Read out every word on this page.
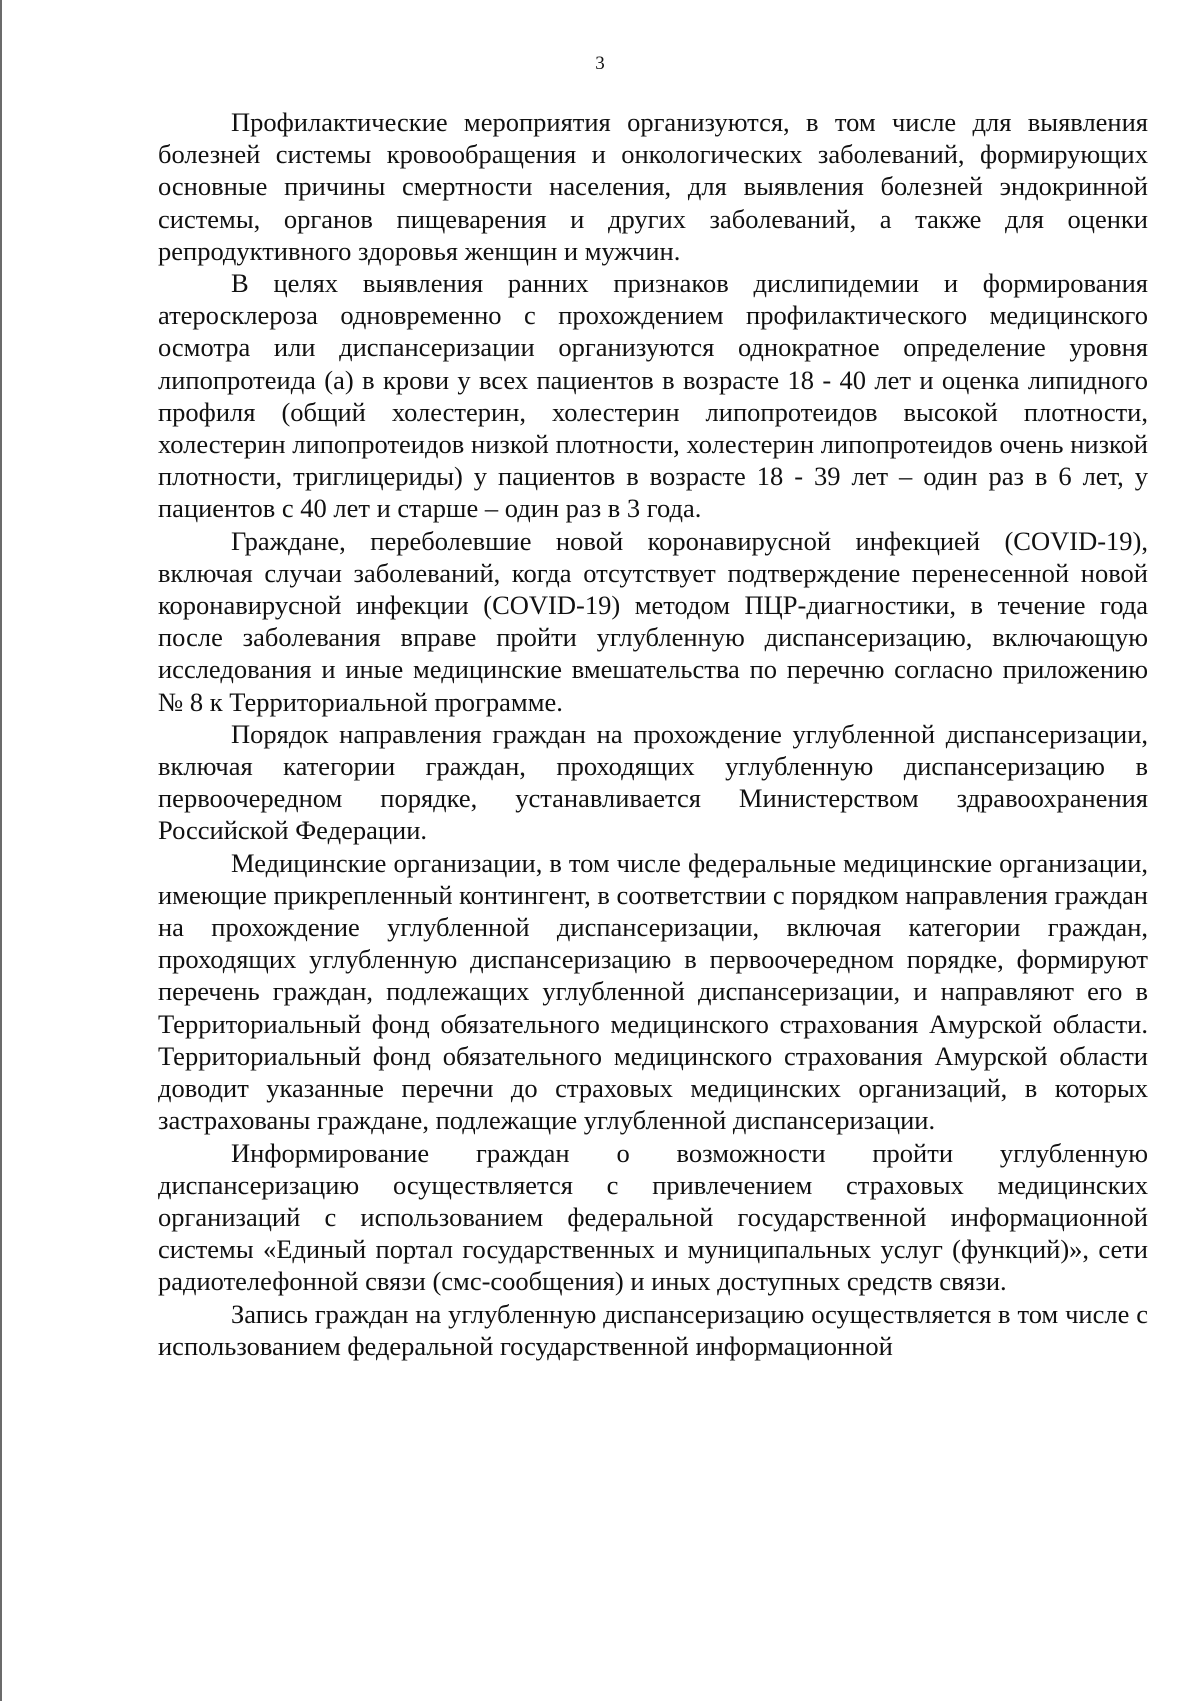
3

Профилактические мероприятия организуются, в том числе для выявления болезней системы кровообращения и онкологических заболеваний, формирующих основные причины смертности населения, для выявления болезней эндокринной системы, органов пищеварения и других заболеваний, а также для оценки репродуктивного здоровья женщин и мужчин.

В целях выявления ранних признаков дислипидемии и формирования атеросклероза одновременно с прохождением профилактического медицинского осмотра или диспансеризации организуются однократное определение уровня липопротеида (а) в крови у всех пациентов в возрасте 18 - 40 лет и оценка липидного профиля (общий холестерин, холестерин липопротеидов высокой плотности, холестерин липопротеидов низкой плотности, холестерин липопротеидов очень низкой плотности, триглицериды) у пациентов в возрасте 18 - 39 лет – один раз в 6 лет, у пациентов с 40 лет и старше – один раз в 3 года.

Граждане, переболевшие новой коронавирусной инфекцией (COVID-19), включая случаи заболеваний, когда отсутствует подтверждение перенесенной новой коронавирусной инфекции (COVID-19) методом ПЦР-диагностики, в течение года после заболевания вправе пройти углубленную диспансеризацию, включающую исследования и иные медицинские вмешательства по перечню согласно приложению № 8 к Территориальной программе.

Порядок направления граждан на прохождение углубленной диспансеризации, включая категории граждан, проходящих углубленную диспансеризацию в первоочередном порядке, устанавливается Министерством здравоохранения Российской Федерации.

Медицинские организации, в том числе федеральные медицинские организации, имеющие прикрепленный контингент, в соответствии с порядком направления граждан на прохождение углубленной диспансеризации, включая категории граждан, проходящих углубленную диспансеризацию в первоочередном порядке, формируют перечень граждан, подлежащих углубленной диспансеризации, и направляют его в Территориальный фонд обязательного медицинского страхования Амурской области. Территориальный фонд обязательного медицинского страхования Амурской области доводит указанные перечни до страховых медицинских организаций, в которых застрахованы граждане, подлежащие углубленной диспансеризации.

Информирование граждан о возможности пройти углубленную диспансеризацию осуществляется с привлечением страховых медицинских организаций с использованием федеральной государственной информационной системы «Единый портал государственных и муниципальных услуг (функций)», сети радиотелефонной связи (смс-сообщения) и иных доступных средств связи.

Запись граждан на углубленную диспансеризацию осуществляется в том числе с использованием федеральной государственной информационной
